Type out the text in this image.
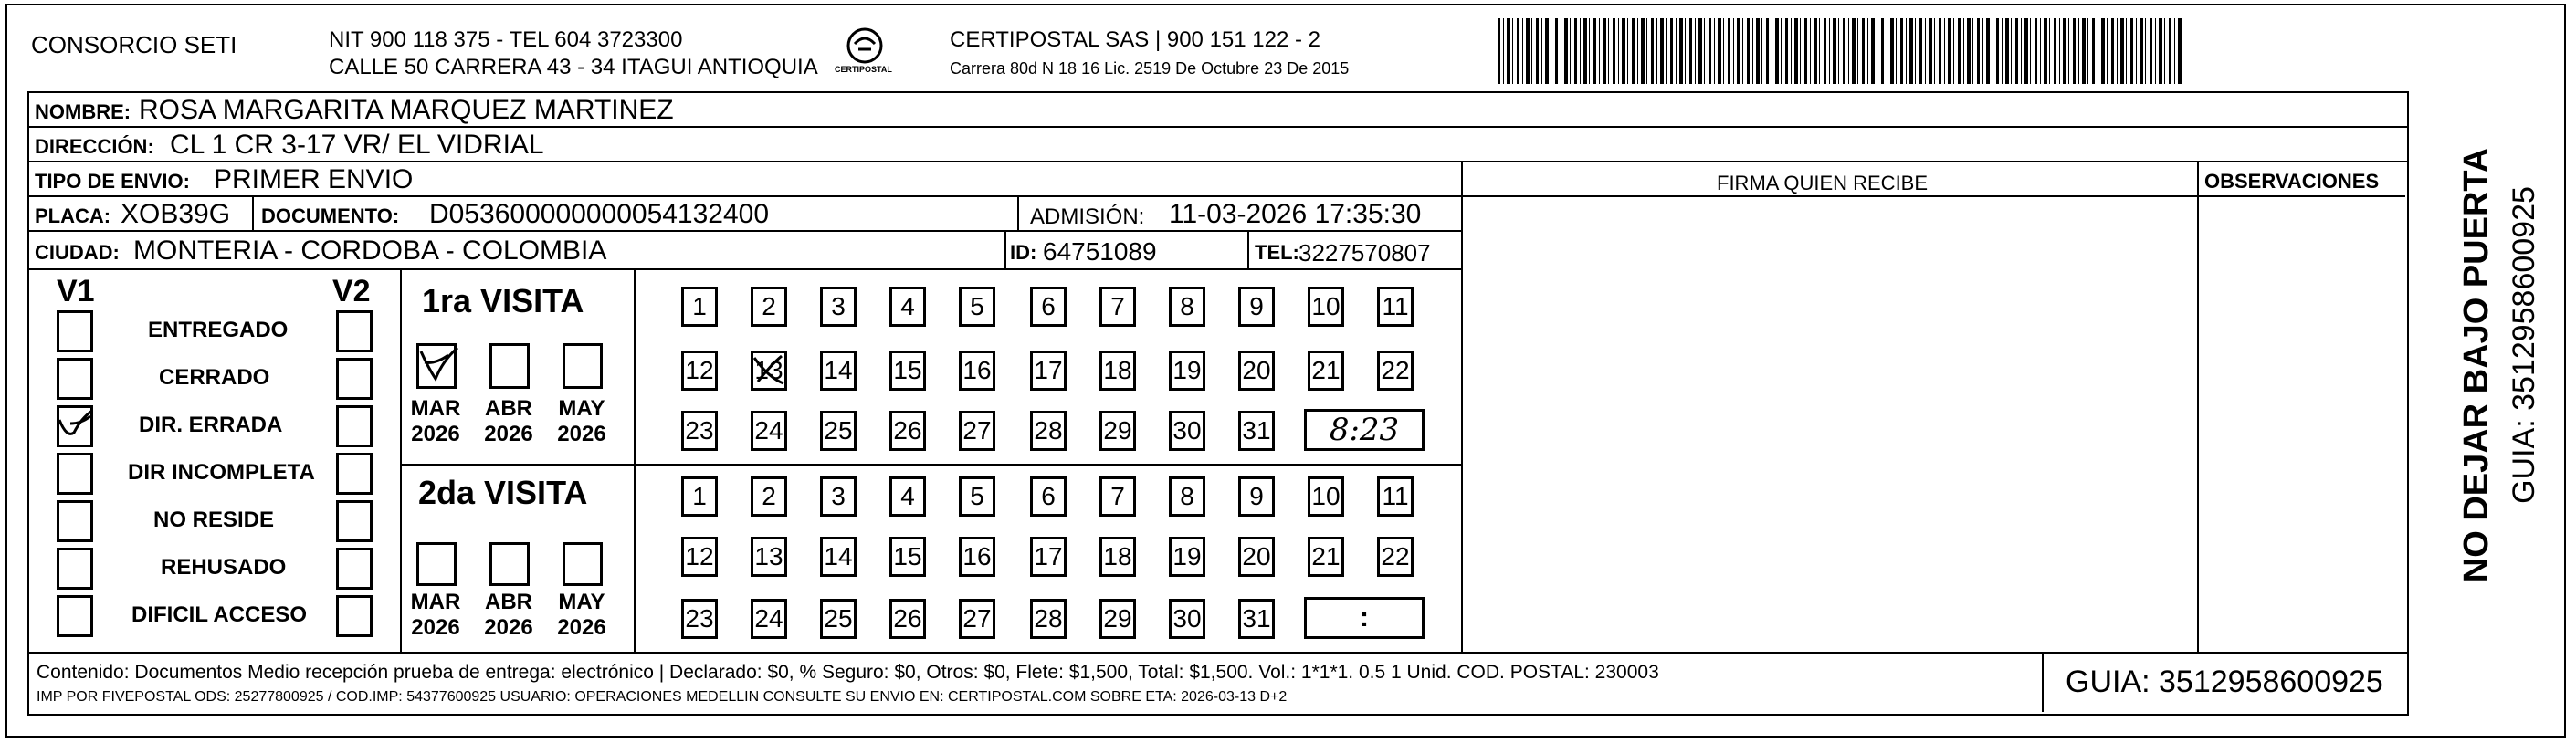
CONSORCIO SETI	NIT 900 118 375 - TEL 604 3723300
CALLE 50 CARRERA 43 - 34 ITAGUI ANTIOQUIA CERTIPOSTAL
CERTIPOSTAL SAS | 900 151 122 - 2
Carrera 80d N 18 16 Lic. 2519 De Octubre 23 De 2015
NOMBRE: ROSA MARGARITA MARQUEZ MARTINEZ
DIRECCIÓN: CL 1 CR 3-17 VR/ EL VIDRIAL
TIPO DE ENVIO: PRIMER ENVIO	FIRMA QUIEN RECIBE	OBSERVACIONES
PLACA: XOB39G DOCUMENTO: D053600000000054132400	ADMISIÓN: 11-03-2026 17:35:30
CIUDAD: MONTERIA - CORDOBA - COLOMBIA	ID: 64751089	TEL: 3227570807
V1	V2
ENTREGADO
CERRADO
DIR. ERRADA
DIR INCOMPLETA
NO RESIDE
REHUSADO
DIFICIL ACCESO
1ra VISITA
MAR
2026
ABR
2026
MAY
2026
2da VISITA
MAR
2026
ABR
2026
MAY
2026
1	2	3	4	5	6	7	8	9	10 11
12 13 14 15 16 17 18 19 20 21 22
23 24 25 26 27 28 29 30 31
1	2	3	4	5	6	7	8	9	10 11
12 13 14 15 16 17 18 19 20 21 22
23 24 25 26 27 28 29 30 31
8:23
:
Contenido: Documentos Medio recepción prueba de entrega: electrónico | Declarado: $0, % Seguro: $0, Otros: $0, Flete: $1,500, Total: $1,500. Vol.: 1*1*1. 0.5 1 Unid. COD. POSTAL: 230003
IMP POR FIVEPOSTAL ODS: 25277800925 / COD.IMP: 54377600925 USUARIO: OPERACIONES MEDELLIN CONSULTE SU ENVIO EN: CERTIPOSTAL.COM SOBRE ETA: 2026-03-13 D+2	GUIA: 3512958600925
NO DEJAR BAJO PUERTA GUIA: 3512958600925
